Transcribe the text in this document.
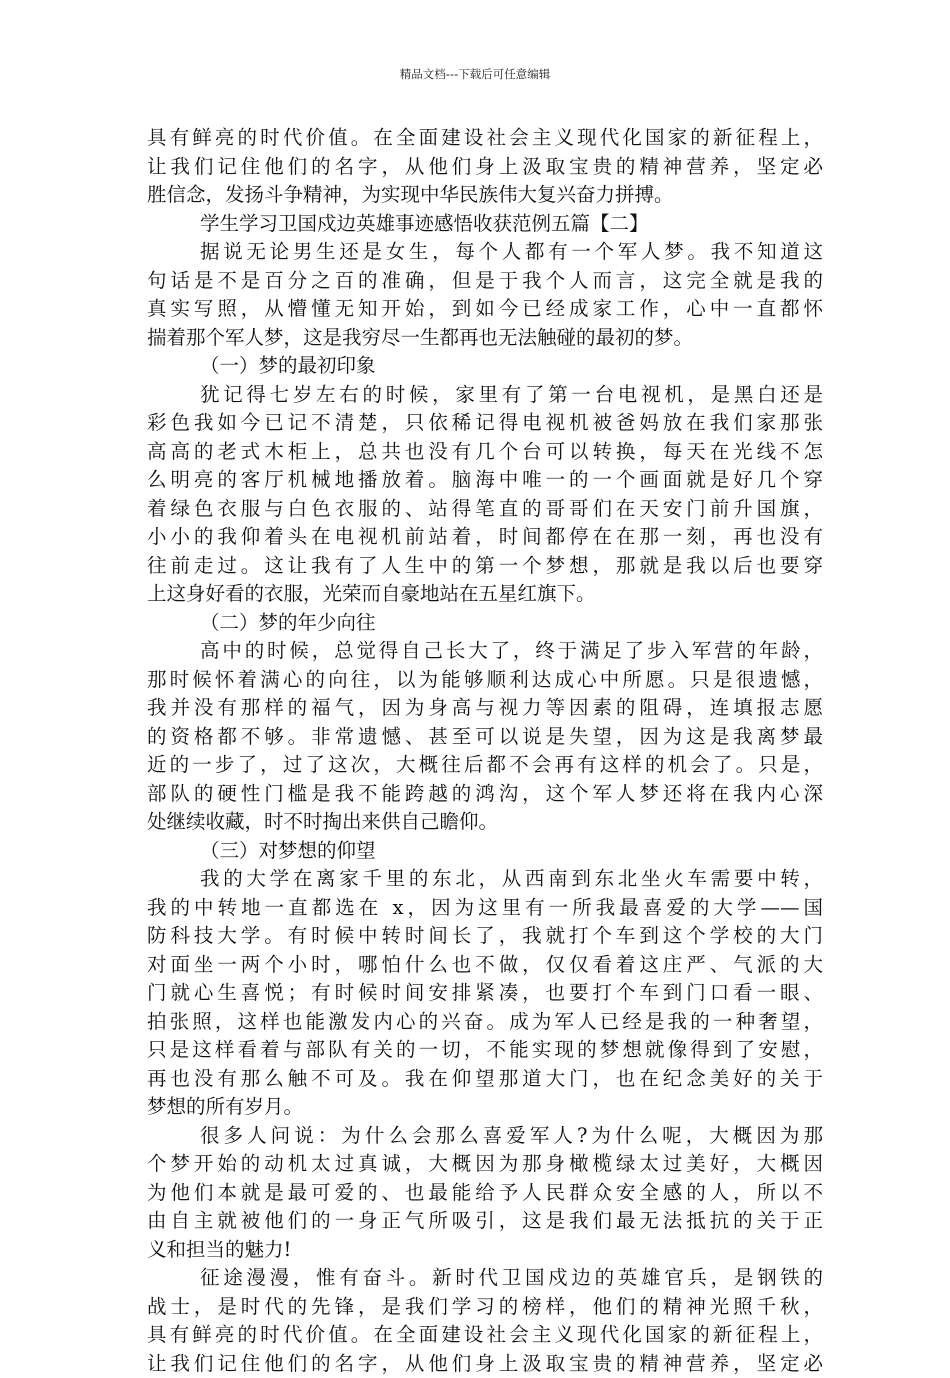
精品文档---下载后可任意编辑
具有鲜亮的时代价值。在全面建设社会主义现代化国家的新征程上，
让我们记住他们的名字，从他们身上汲取宝贵的精神营养，坚定必
胜信念，发扬斗争精神，为实现中华民族伟大复兴奋力拼搏。
学生学习卫国戍边英雄事迹感悟收获范例五篇【二】
据说无论男生还是女生，每个人都有一个军人梦。我不知道这
句话是不是百分之百的准确，但是于我个人而言，这完全就是我的
真实写照，从懵懂无知开始，到如今已经成家工作，心中一直都怀
揣着那个军人梦，这是我穷尽一生都再也无法触碰的最初的梦。
（一）梦的最初印象
犹记得七岁左右的时候，家里有了第一台电视机，是黑白还是
彩色我如今已记不清楚，只依稀记得电视机被爸妈放在我们家那张
高高的老式木柜上，总共也没有几个台可以转换，每天在光线不怎
么明亮的客厅机械地播放着。脑海中唯一的一个画面就是好几个穿
着绿色衣服与白色衣服的、站得笔直的哥哥们在天安门前升国旗，
小小的我仰着头在电视机前站着，时间都停在在那一刻，再也没有
往前走过。这让我有了人生中的第一个梦想，那就是我以后也要穿
上这身好看的衣服，光荣而自豪地站在五星红旗下。
（二）梦的年少向往
高中的时候，总觉得自己长大了，终于满足了步入军营的年龄，
那时候怀着满心的向往，以为能够顺利达成心中所愿。只是很遗憾，
我并没有那样的福气，因为身高与视力等因素的阻碍，连填报志愿
的资格都不够。非常遗憾、甚至可以说是失望，因为这是我离梦最
近的一步了，过了这次，大概往后都不会再有这样的机会了。只是，
部队的硬性门槛是我不能跨越的鸿沟，这个军人梦还将在我内心深
处继续收藏，时不时掏出来供自己瞻仰。
（三）对梦想的仰望
我的大学在离家千里的东北，从西南到东北坐火车需要中转，
我的中转地一直都选在 x，因为这里有一所我最喜爱的大学——国
防科技大学。有时候中转时间长了，我就打个车到这个学校的大门
对面坐一两个小时，哪怕什么也不做，仅仅看着这庄严、气派的大
门就心生喜悦；有时候时间安排紧凑，也要打个车到门口看一眼、
拍张照，这样也能激发内心的兴奋。成为军人已经是我的一种奢望，
只是这样看着与部队有关的一切，不能实现的梦想就像得到了安慰，
再也没有那么触不可及。我在仰望那道大门，也在纪念美好的关于
梦想的所有岁月。
很多人问说：为什么会那么喜爱军人?为什么呢，大概因为那
个梦开始的动机太过真诚，大概因为那身橄榄绿太过美好，大概因
为他们本就是最可爱的、也最能给予人民群众安全感的人，所以不
由自主就被他们的一身正气所吸引，这是我们最无法抵抗的关于正
义和担当的魅力!
征途漫漫，惟有奋斗。新时代卫国戍边的英雄官兵，是钢铁的
战士，是时代的先锋，是我们学习的榜样，他们的精神光照千秋，
具有鲜亮的时代价值。在全面建设社会主义现代化国家的新征程上，
让我们记住他们的名字，从他们身上汲取宝贵的精神营养，坚定必
